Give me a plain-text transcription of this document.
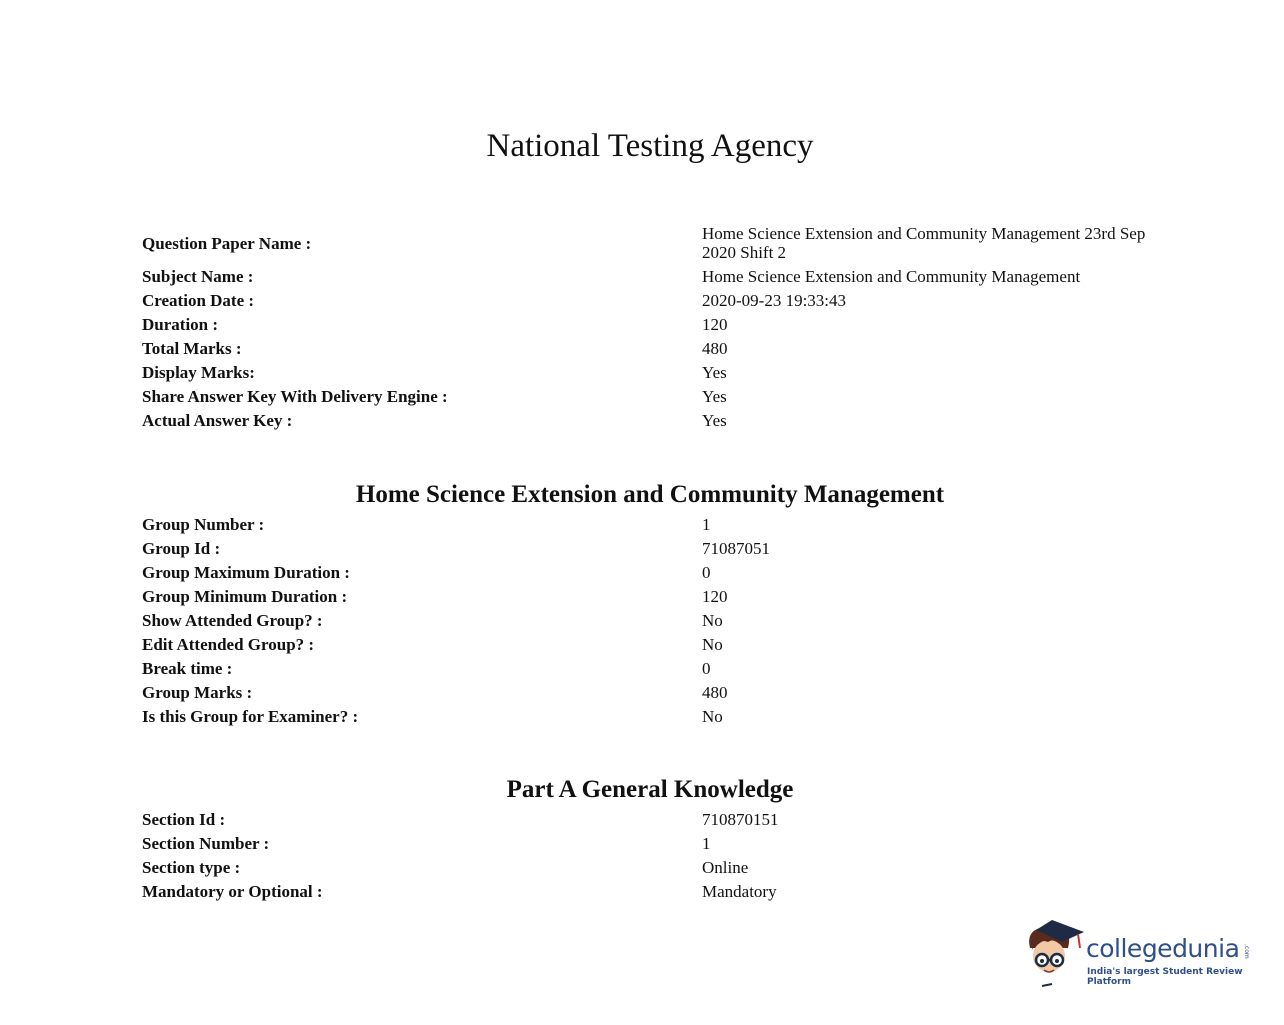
National Testing Agency
Question Paper Name :	Home Science Extension and Community Management 23rd Sep 2020 Shift 2
Subject Name :	Home Science Extension and Community Management
Creation Date :	2020-09-23 19:33:43
Duration :	120
Total Marks :	480
Display Marks:	Yes
Share Answer Key With Delivery Engine :	Yes
Actual Answer Key :	Yes
Home Science Extension and Community Management
Group Number :	1
Group Id :	71087051
Group Maximum Duration :	0
Group Minimum Duration :	120
Show Attended Group? :	No
Edit Attended Group? :	No
Break time :	0
Group Marks :	480
Is this Group for Examiner? :	No
Part A General Knowledge
Section Id :	710870151
Section Number :	1
Section type :	Online
Mandatory or Optional :	Mandatory
collegedunia .com
India's largest Student Review Platform
